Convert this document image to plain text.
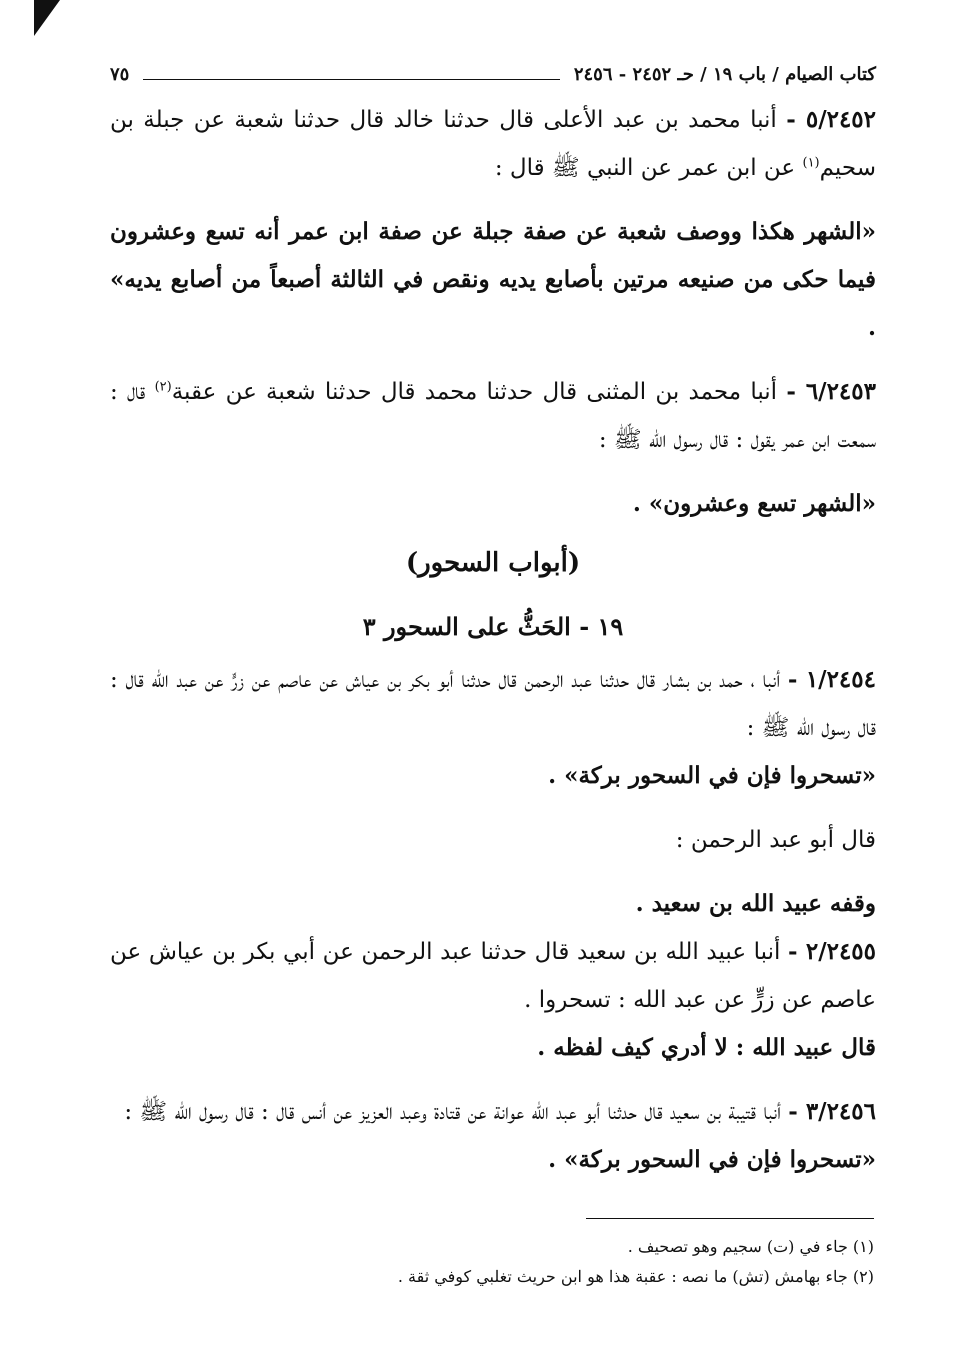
كتاب الصيام / باب ١٩ / حـ ٢٤٥٢ - ٢٤٥٦
٧٥

٥/٢٤٥٢ - أنبا محمد بن عبد الأعلى قال حدثنا خالد قال حدثنا شعبة عن جبلة بن سحيم$^{(١)}$ عن ابن عمر عن النبي ﷺ قال :

«الشهر هكذا ووصف شعبة عن صفة جبلة عن صفة ابن عمر أنه تسع وعشرون فيما حكى من صنيعه مرتين بأصابع يديه ونقص في الثالثة أصبعاً من أصابع يديه» .

٦/٢٤٥٣ - أنبا محمد بن المثنى قال حدثنا محمد قال حدثنا شعبة عن عقبة$^{(٢)}$ قال : سمعت ابن عمر يقول : قال رسول الله ﷺ :

«الشهر تسع وعشرون» .

(أبواب السحور)
١٩ - الحَثُّ على السحور ٣

١/٢٤٥٤ - أنبا ، حمد بن بشار قال حدثنا عبد الرحمن قال حدثنا أبو بكر بن عياش عن عاصم عن زرٍّ عن عبد الله قال : قال رسول الله ﷺ :

«تسحروا فإن في السحور بركة» .

قال أبو عبد الرحمن :

وقفه عبيد الله بن سعيد .

٢/٢٤٥٥ - أنبا عبيد الله بن سعيد قال حدثنا عبد الرحمن عن أبي بكر بن عياش عن عاصم عن زرٍّ عن عبد الله : تسحروا .

قال عبيد الله : لا أدري كيف لفظه .

٣/٢٤٥٦ - أنبا قتيبة بن سعيد قال حدثنا أبو عبد الله عوانة عن قتادة وعبد العزيز عن أنس قال : قال رسول الله ﷺ :

«تسحروا فإن في السحور بركة» .

(١) جاء في (ت) سجيم وهو تصحيف .
(٢) جاء بهامش (تش) ما نصه : عقبة هذا هو ابن حريث تغلبي كوفي ثقة .
